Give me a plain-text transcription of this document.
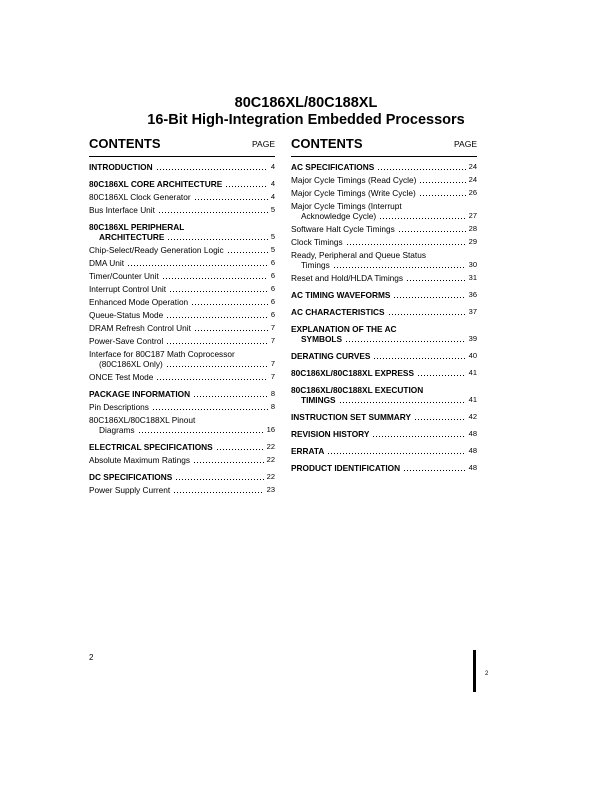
80C186XL/80C188XL
16-Bit High-Integration Embedded Processors
CONTENTS	PAGE
INTRODUCTION	4
80C186XL CORE ARCHITECTURE	4
80C186XL Clock Generator	4
Bus Interface Unit	5
80C186XL PERIPHERAL
ARCHITECTURE	5
Chip-Select/Ready Generation Logic	5
DMA Unit	6
Timer/Counter Unit	6
Interrupt Control Unit	6
Enhanced Mode Operation	6
Queue-Status Mode	6
DRAM Refresh Control Unit	7
Power-Save Control	7
Interface for 80C187 Math Coprocessor
(80C186XL Only)	7
ONCE Test Mode	7
PACKAGE INFORMATION	8
Pin Descriptions	8
80C186XL/80C188XL Pinout
Diagrams	16
ELECTRICAL SPECIFICATIONS	22
Absolute Maximum Ratings	22
DC SPECIFICATIONS	22
Power Supply Current	23
CONTENTS	PAGE
AC SPECIFICATIONS	24
Major Cycle Timings (Read Cycle)	24
Major Cycle Timings (Write Cycle)	26
Major Cycle Timings (Interrupt
Acknowledge Cycle)	27
Software Halt Cycle Timings	28
Clock Timings	29
Ready, Peripheral and Queue Status
Timings	30
Reset and Hold/HLDA Timings	31
AC TIMING WAVEFORMS	36
AC CHARACTERISTICS	37
EXPLANATION OF THE AC
SYMBOLS	39
DERATING CURVES	40
80C186XL/80C188XL EXPRESS	41
80C186XL/80C188XL EXECUTION
TIMINGS	41
INSTRUCTION SET SUMMARY	42
REVISION HISTORY	48
ERRATA	48
PRODUCT IDENTIFICATION	48
2
2
